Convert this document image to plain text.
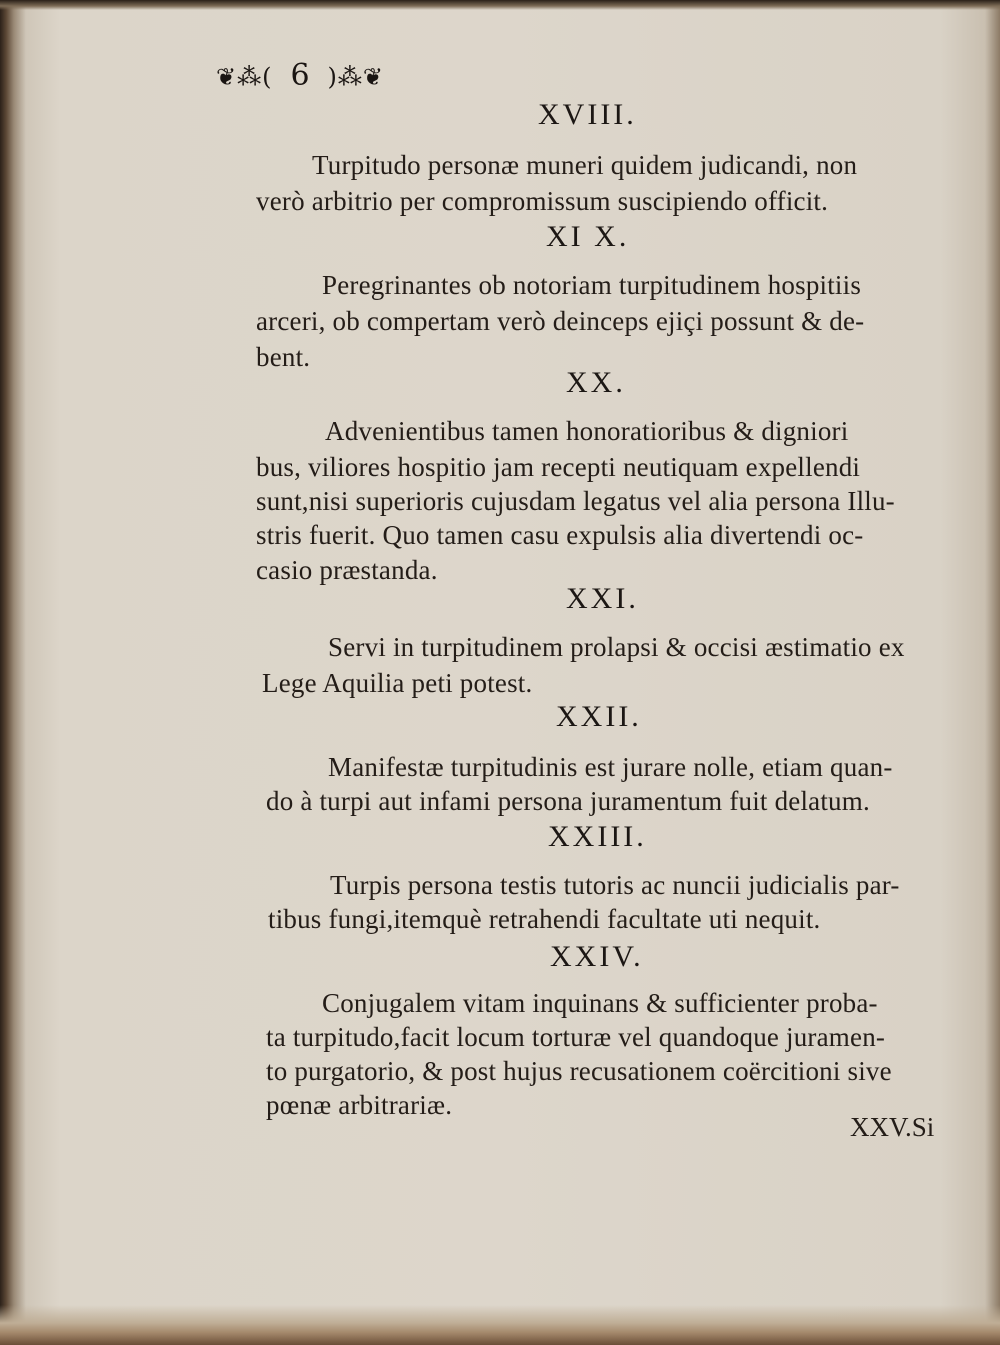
❦⁂( 6 )⁂❦
XVIII.
Turpitudo personæ muneri quidem judicandi, non
verò arbitrio per compromissum suscipiendo officit.
XI X.
Peregrinantes ob notoriam turpitudinem hospitiis
arceri, ob compertam verò deinceps ejiçi possunt & de-
bent.
XX.
Advenientibus tamen honoratioribus & digniori
bus, viliores hospitio jam recepti neutiquam expellendi
sunt,nisi superioris cujusdam legatus vel alia persona Illu-
stris fuerit. Quo tamen casu expulsis alia divertendi oc-
casio præstanda.
XXI.
Servi in turpitudinem prolapsi & occisi æstimatio ex
Lege Aquilia peti potest.
XXII.
Manifestæ turpitudinis est jurare nolle, etiam quan-
do à turpi aut infami persona juramentum fuit delatum.
XXIII.
Turpis persona testis tutoris ac nuncii judicialis par-
tibus fungi,itemquè retrahendi facultate uti nequit.
XXIV.
Conjugalem vitam inquinans & sufficienter proba-
ta turpitudo,facit locum torturæ vel quandoque juramen-
to purgatorio, & post hujus recusationem coërcitioni sive
pœnæ arbitrariæ.
XXV.Si
